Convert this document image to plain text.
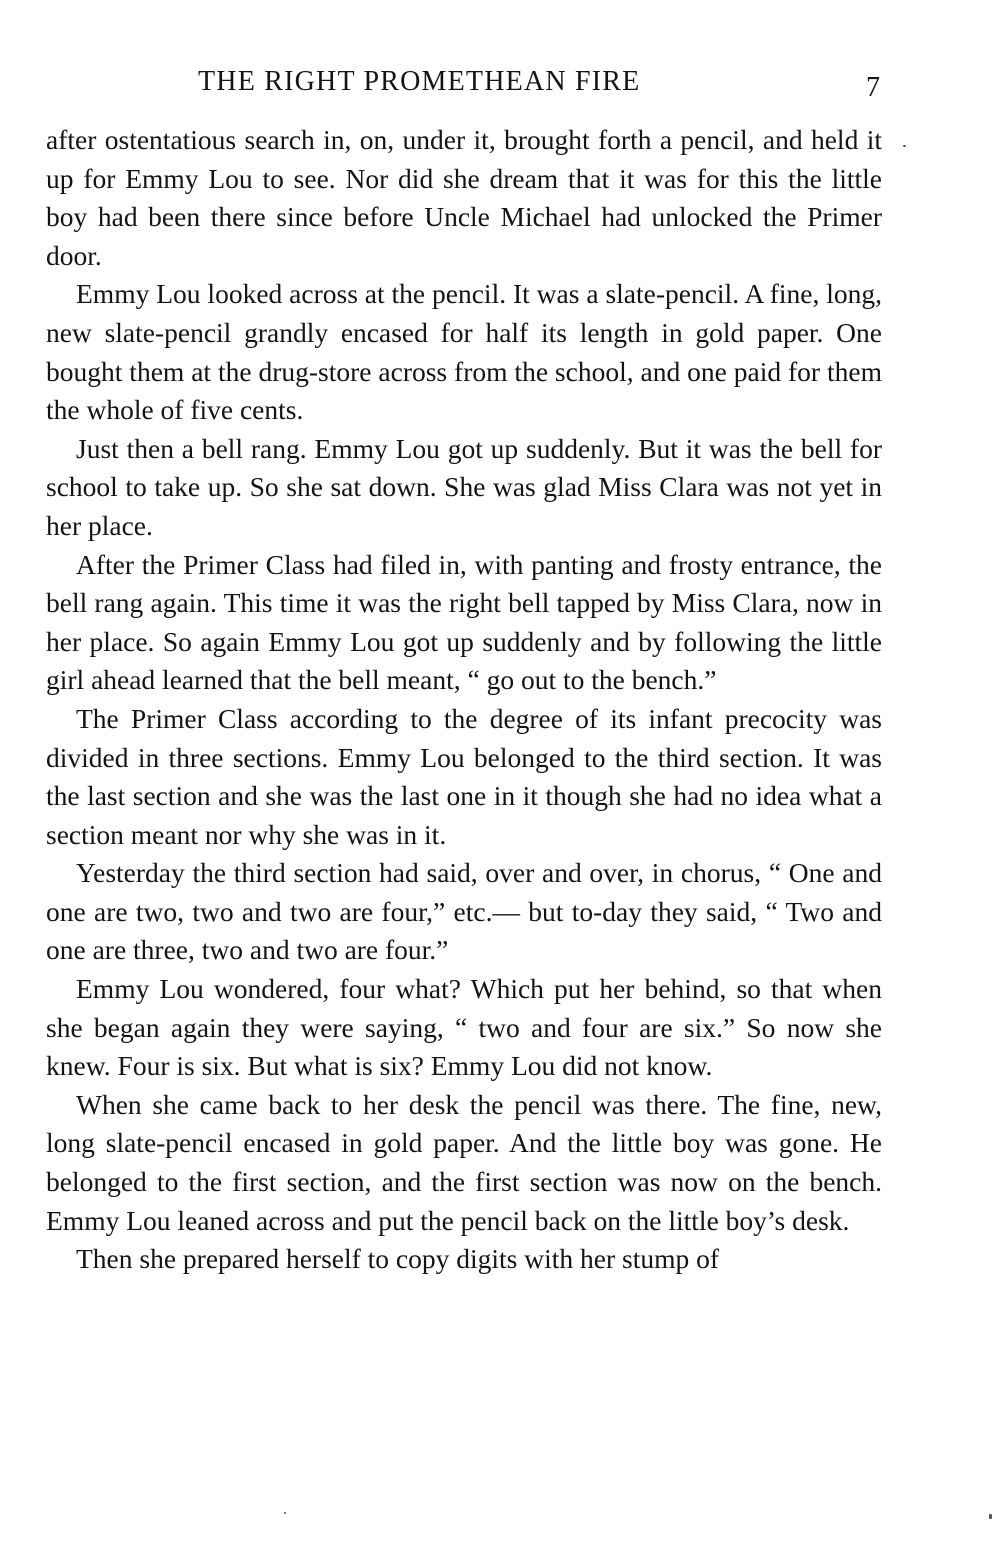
THE RIGHT PROMETHEAN FIRE	7

after ostentatious search in, on, under it, brought forth a pencil, and held it up for Emmy Lou to see. Nor did she dream that it was for this the little boy had been there since before Uncle Michael had unlocked the Primer door.

Emmy Lou looked across at the pencil. It was a slate-pencil. A fine, long, new slate-pencil grandly encased for half its length in gold paper. One bought them at the drug-store across from the school, and one paid for them the whole of five cents.

Just then a bell rang. Emmy Lou got up suddenly. But it was the bell for school to take up. So she sat down. She was glad Miss Clara was not yet in her place.

After the Primer Class had filed in, with panting and frosty entrance, the bell rang again. This time it was the right bell tapped by Miss Clara, now in her place. So again Emmy Lou got up suddenly and by following the little girl ahead learned that the bell meant, “ go out to the bench.”

The Primer Class according to the degree of its infant precocity was divided in three sections. Emmy Lou belonged to the third section. It was the last section and she was the last one in it though she had no idea what a section meant nor why she was in it.

Yesterday the third section had said, over and over, in chorus, “ One and one are two, two and two are four,” etc.— but to-day they said, “ Two and one are three, two and two are four.”

Emmy Lou wondered, four what? Which put her behind, so that when she began again they were saying, “ two and four are six.” So now she knew. Four is six. But what is six? Emmy Lou did not know.

When she came back to her desk the pencil was there. The fine, new, long slate-pencil encased in gold paper. And the little boy was gone. He belonged to the first section, and the first section was now on the bench. Emmy Lou leaned across and put the pencil back on the little boy’s desk.

Then she prepared herself to copy digits with her stump of
